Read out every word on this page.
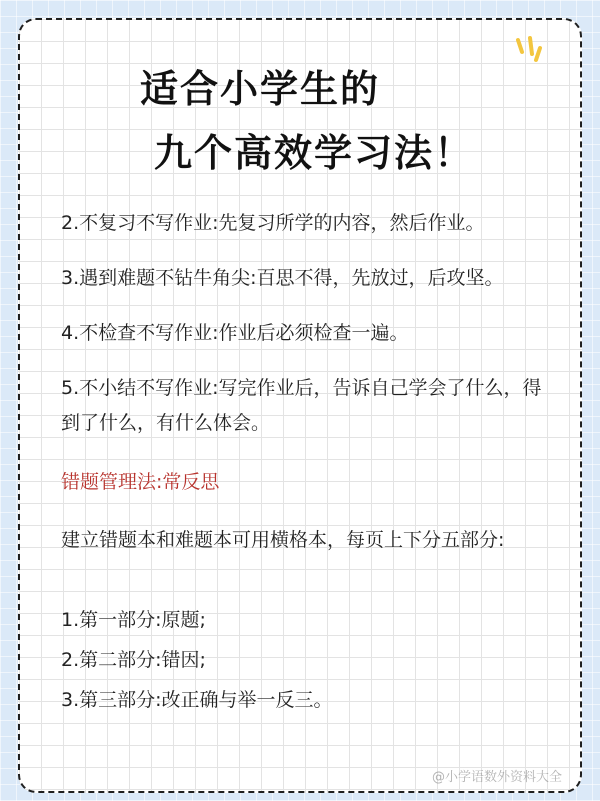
适合小学生的
九个高效学习法！

2.不复习不写作业:先复习所学的内容，然后作业。

3.遇到难题不钻牛角尖:百思不得，先放过，后攻坚。

4.不检查不写作业:作业后必须检查一遍。

5.不小结不写作业:写完作业后，告诉自己学会了什么，得到了什么，有什么体会。

错题管理法:常反思

建立错题本和难题本可用横格本，每页上下分五部分:

1.第一部分:原题;

2.第二部分:错因;

3.第三部分:改正确与举一反三。

@小学语数外资料大全
